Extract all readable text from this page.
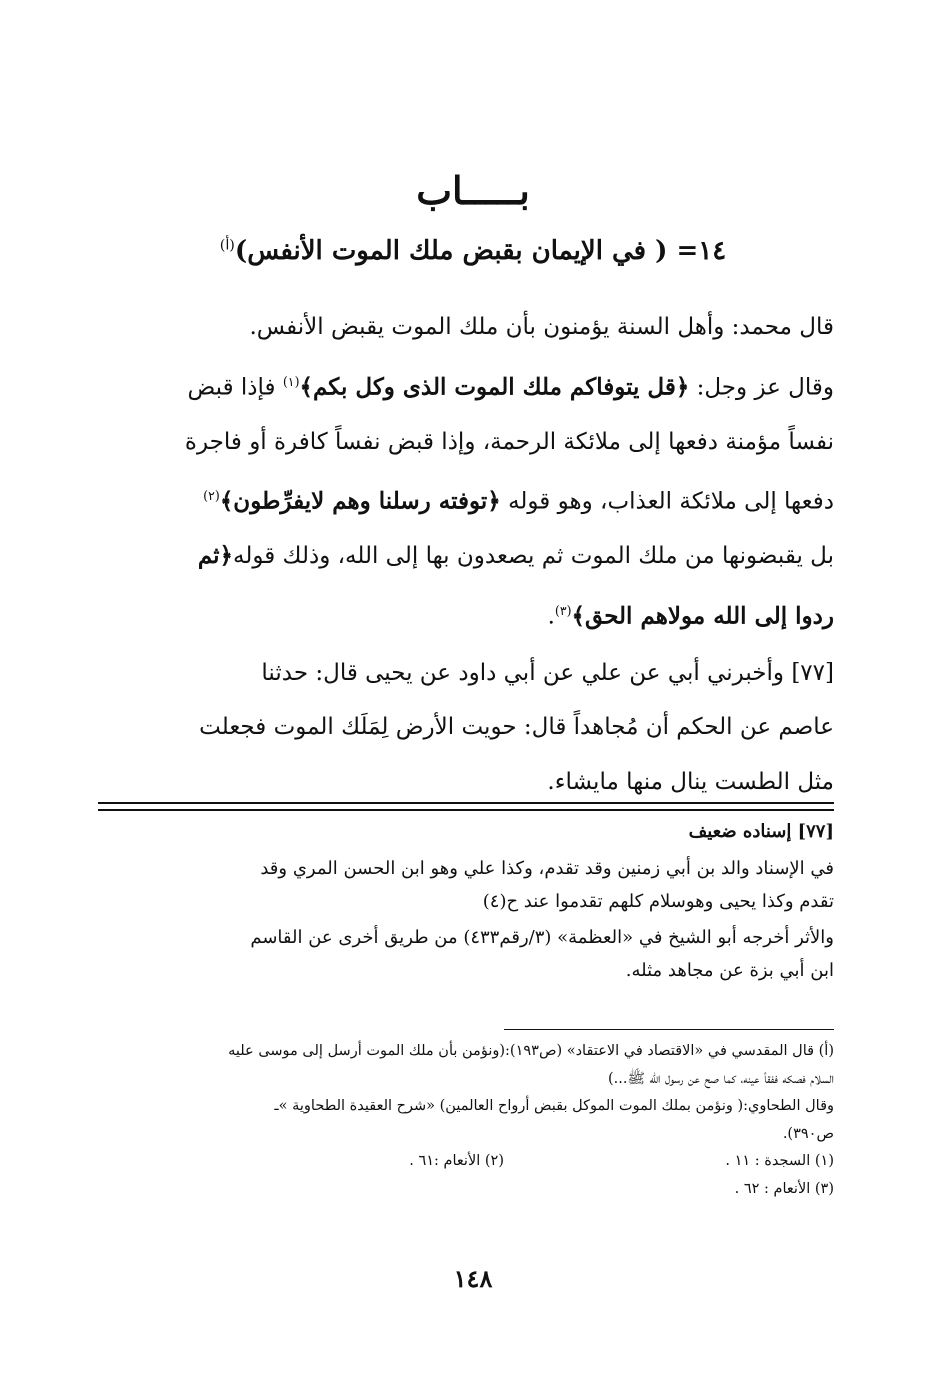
بـــــاب
١٤= ( في الإيمان بقبض ملك الموت الأنفس)$^{(أ)}$

قال محمد: وأهل السنة يؤمنون بأن ملك الموت يقبض الأنفس.

وقال عز وجل: ﴿قل يتوفاكم ملك الموت الذى وكل بكم﴾$^{(١)}$ فإذا قبض

نفساً مؤمنة دفعها إلى ملائكة الرحمة، وإذا قبض نفساً كافرة أو فاجرة

دفعها إلى ملائكة العذاب، وهو قوله ﴿توفته رسلنا وهم لايفرِّطون﴾$^{(٢)}$

بل يقبضونها من ملك الموت ثم يصعدون بها إلى الله، وذلك قوله﴿ثم

ردوا إلى الله مولاهم الحق﴾$^{(٣)}$.

[٧٧] وأخبرني أبي عن علي عن أبي داود عن يحيى قال: حدثنا

عاصم عن الحكم أن مُجاهداً قال: حويت الأرض لِمَلَك الموت فجعلت

مثل الطست ينال منها مايشاء.

[٧٧] إسناده ضعيف

في الإسناد والد بن أبي زمنين وقد تقدم، وكذا علي وهو ابن الحسن المري وقد

تقدم وكذا يحيى وهوسلام كلهم تقدموا عند ح(٤)

والأثر أخرجه أبو الشيخ في «العظمة» (٣/رقم٤٣٣) من طريق أخرى عن القاسم

ابن أبي بزة عن مجاهد مثله.

(أ) قال المقدسي في «الاقتصاد في الاعتقاد» (ص١٩٣):(ونؤمن بأن ملك الموت أرسل إلى موسى عليه

السلام فصكه ففقأ عينه، كما صح عن رسول الله ﷺ...)

وقال الطحاوي:( ونؤمن بملك الموت الموكل بقبض أرواح العالمين) «شرح العقيدة الطحاوية »ـ

ص٣٩٠).

(١) السجدة : ١١ .
(٢) الأنعام :٦١ .

(٣) الأنعام : ٦٢ .

١٤٨
